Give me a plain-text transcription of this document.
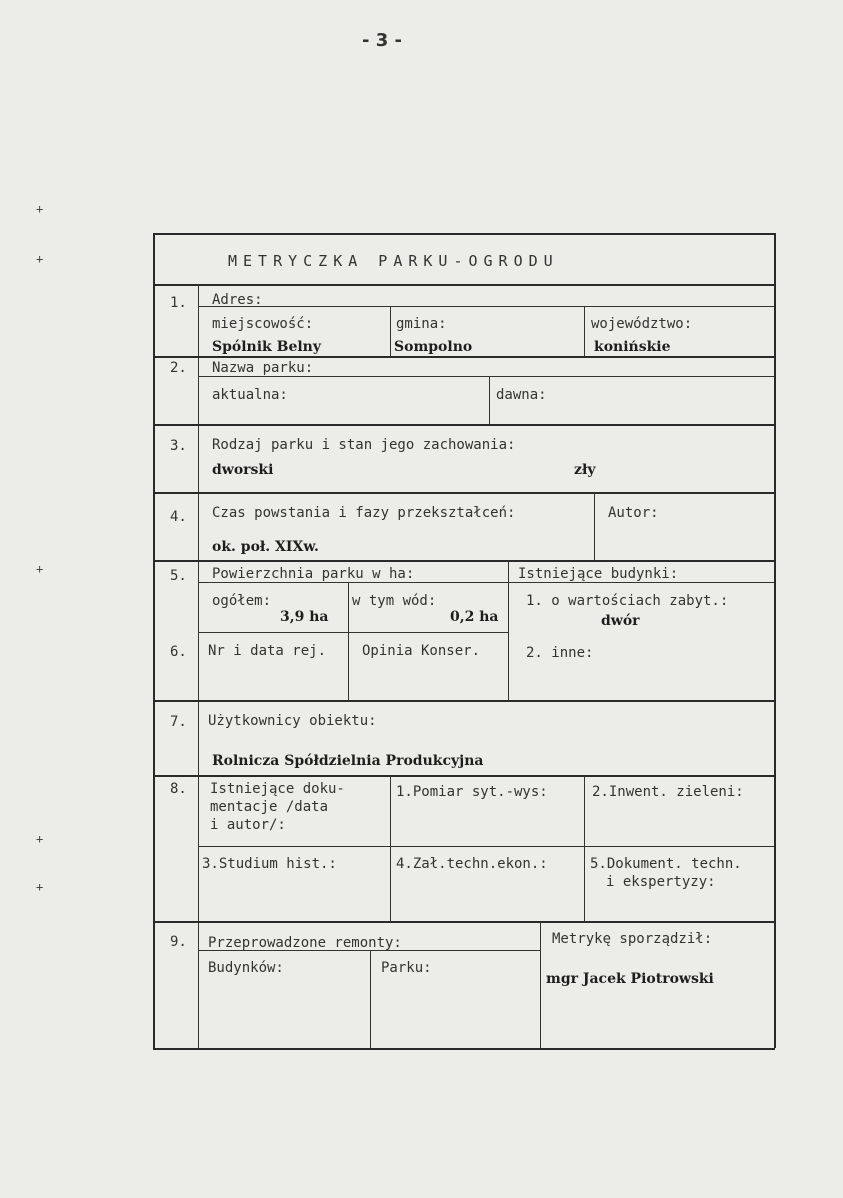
- 3 -
+
+
+
+
+
METRYCZKA PARKU-OGRODU
1. Adres:
miejscowość:
Spólnik Belny
gmina:
Sompolno
województwo:
konińskie
2. Nazwa parku:
aktualna:	dawna:
3. Rodzaj parku i stan jego zachowania:
dworski	zły
4. Czas powstania i fazy przekształceń:
ok. poł. XIXw.
Autor:
5. Powierzchnia parku w ha:
ogółem:
3,9 ha
w tym wód:
0,2 ha
Istniejące budynki:
1. o wartościach zabyt.:
dwór
6. Nr i data rej.	Opinia Konser.	2. inne:
7. Użytkownicy obiektu:
Rolnicza Spółdzielnia Produkcyjna
8. Istniejące doku-
mentacje /data
i autor/:
1.Pomiar syt.-wys:	2.Inwent. zieleni:
3.Studium hist.:	4.Zał.techn.ekon.:	5.Dokument. techn.
i ekspertyzy:
9. Przeprowadzone remonty:
Budynków:	Parku:
Metrykę sporządził:
mgr Jacek Piotrowski
